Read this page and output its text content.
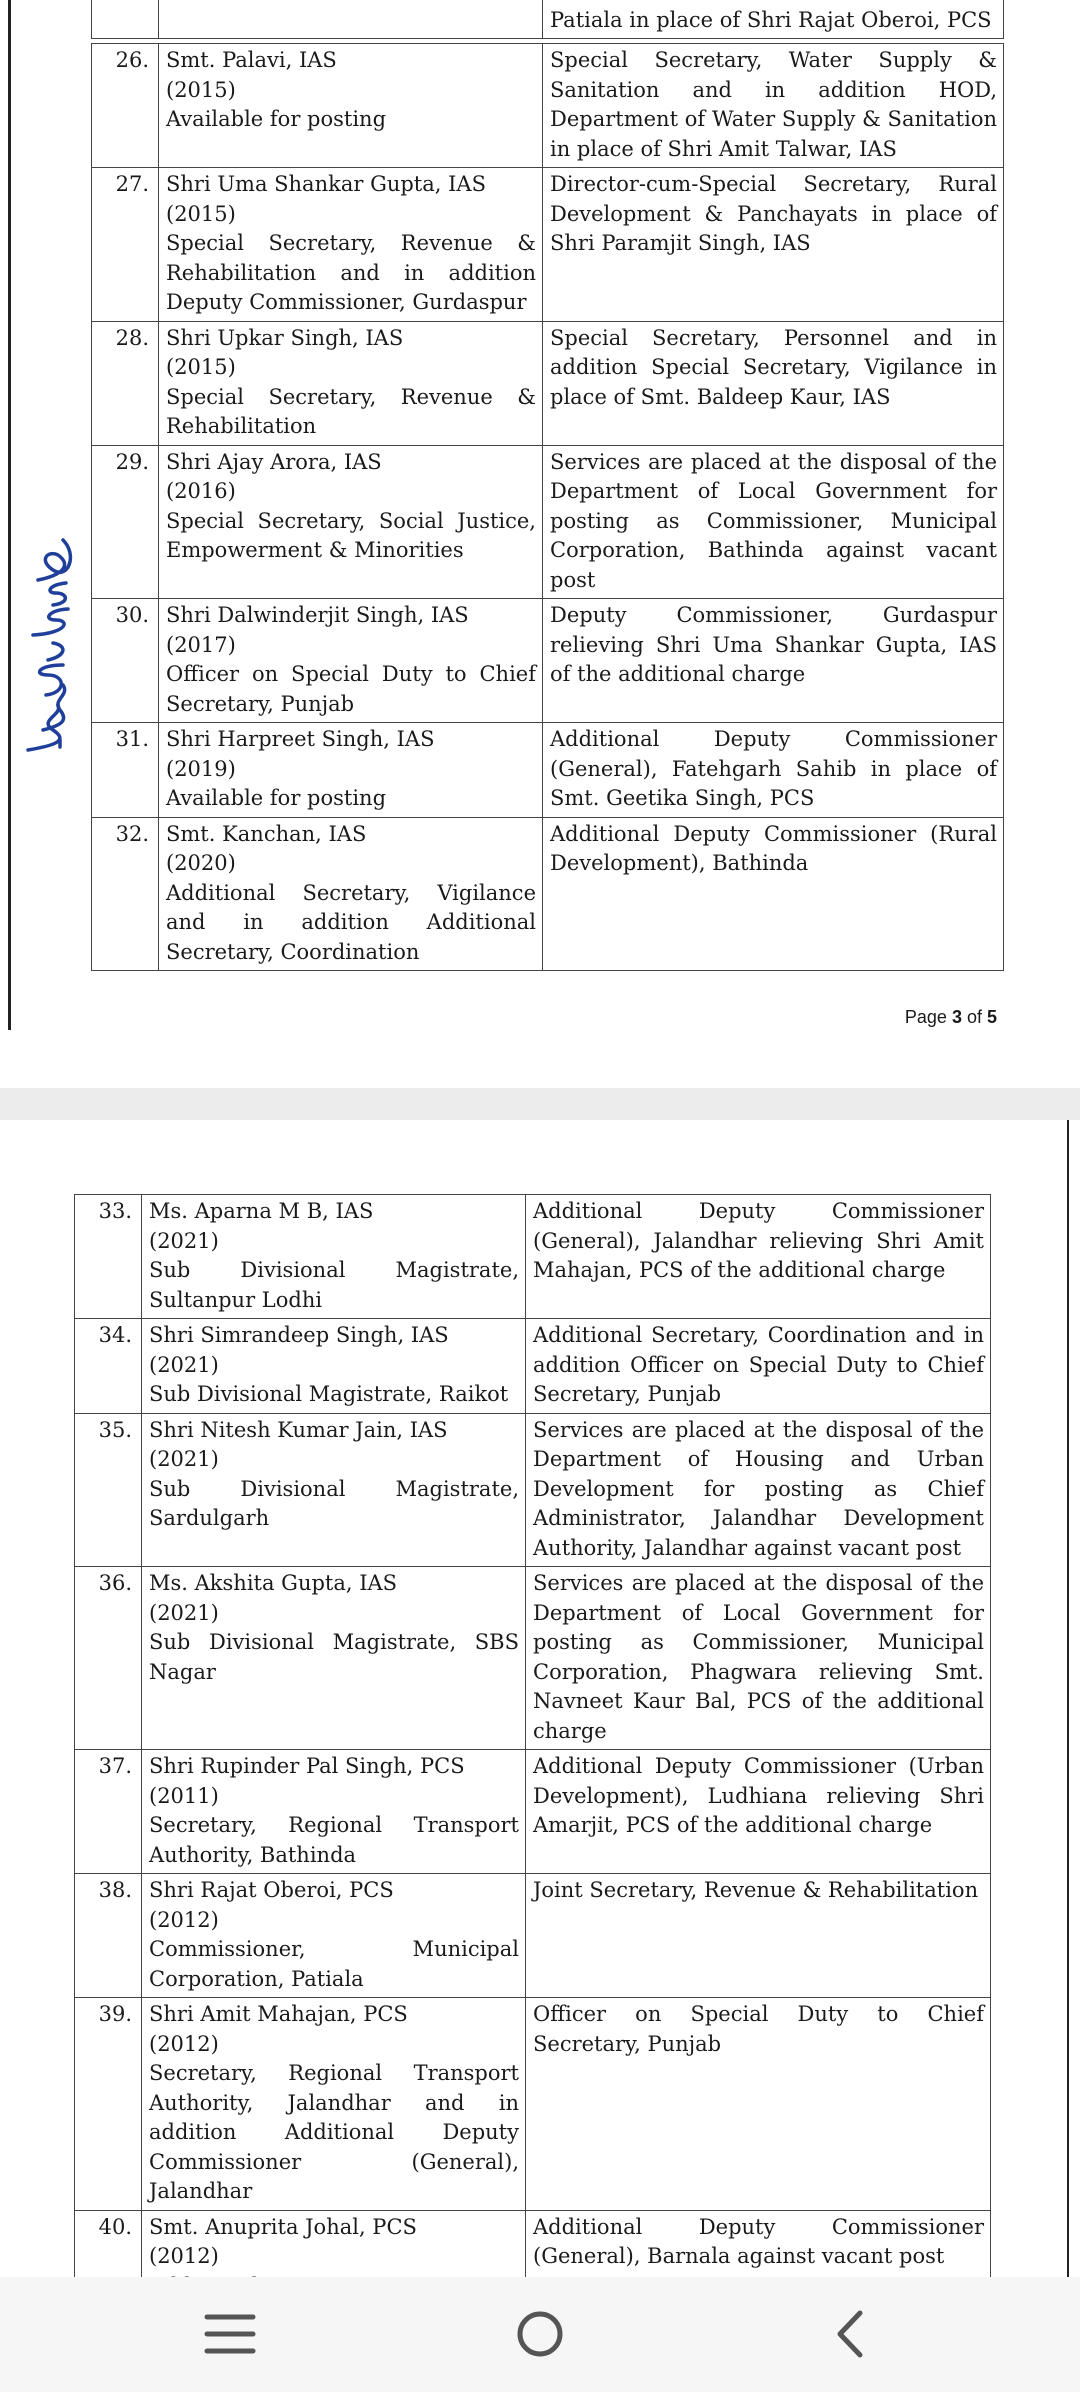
		Patiala in place of Shri Rajat Oberoi, PCS
26.	Smt. Palavi, IAS
(2015)
Available for posting	Special Secretary, Water Supply & Sanitation and in addition HOD, Department of Water Supply & Sanitation in place of Shri Amit Talwar, IAS

27.	Shri Uma Shankar Gupta, IAS
(2015)
Special Secretary, Revenue & Rehabilitation and in addition Deputy Commissioner, Gurdaspur	Director-cum-Special Secretary, Rural Development & Panchayats in place of Shri Paramjit Singh, IAS

28.	Shri Upkar Singh, IAS
(2015)
Special Secretary, Revenue & Rehabilitation	Special Secretary, Personnel and in addition Special Secretary, Vigilance in place of Smt. Baldeep Kaur, IAS

29.	Shri Ajay Arora, IAS
(2016)
Special Secretary, Social Justice, Empowerment & Minorities	Services are placed at the disposal of the Department of Local Government for posting as Commissioner, Municipal Corporation, Bathinda against vacant post

30.	Shri Dalwinderjit Singh, IAS
(2017)
Officer on Special Duty to Chief Secretary, Punjab	Deputy Commissioner, Gurdaspur relieving Shri Uma Shankar Gupta, IAS of the additional charge

31.	Shri Harpreet Singh, IAS
(2019)
Available for posting	Additional Deputy Commissioner (General), Fatehgarh Sahib in place of Smt. Geetika Singh, PCS

32.	Smt. Kanchan, IAS
(2020)
Additional Secretary, Vigilance and in addition Additional Secretary, Coordination	Additional Deputy Commissioner (Rural Development), Bathinda
Page 3 of 5
33.	Ms. Aparna M B, IAS
(2021)
Sub Divisional Magistrate, Sultanpur Lodhi	Additional Deputy Commissioner (General), Jalandhar relieving Shri Amit Mahajan, PCS of the additional charge

34.	Shri Simrandeep Singh, IAS
(2021)
Sub Divisional Magistrate, Raikot	Additional Secretary, Coordination and in addition Officer on Special Duty to Chief Secretary, Punjab

35.	Shri Nitesh Kumar Jain, IAS
(2021)
Sub Divisional Magistrate, Sardulgarh	Services are placed at the disposal of the Department of Housing and Urban Development for posting as Chief Administrator, Jalandhar Development Authority, Jalandhar against vacant post

36.	Ms. Akshita Gupta, IAS
(2021)
Sub Divisional Magistrate, SBS Nagar	Services are placed at the disposal of the Department of Local Government for posting as Commissioner, Municipal Corporation, Phagwara relieving Smt. Navneet Kaur Bal, PCS of the additional charge

37.	Shri Rupinder Pal Singh, PCS
(2011)
Secretary, Regional Transport Authority, Bathinda	Additional Deputy Commissioner (Urban Development), Ludhiana relieving Shri Amarjit, PCS of the additional charge

38.	Shri Rajat Oberoi, PCS
(2012)
Commissioner, Municipal Corporation, Patiala	Joint Secretary, Revenue & Rehabilitation

39.	Shri Amit Mahajan, PCS
(2012)
Secretary, Regional Transport Authority, Jalandhar and in addition Additional Deputy Commissioner (General), Jalandhar	Officer on Special Duty to Chief Secretary, Punjab

40.	Smt. Anuprita Johal, PCS
(2012)	Additional Deputy Commissioner (General), Barnala against vacant post
